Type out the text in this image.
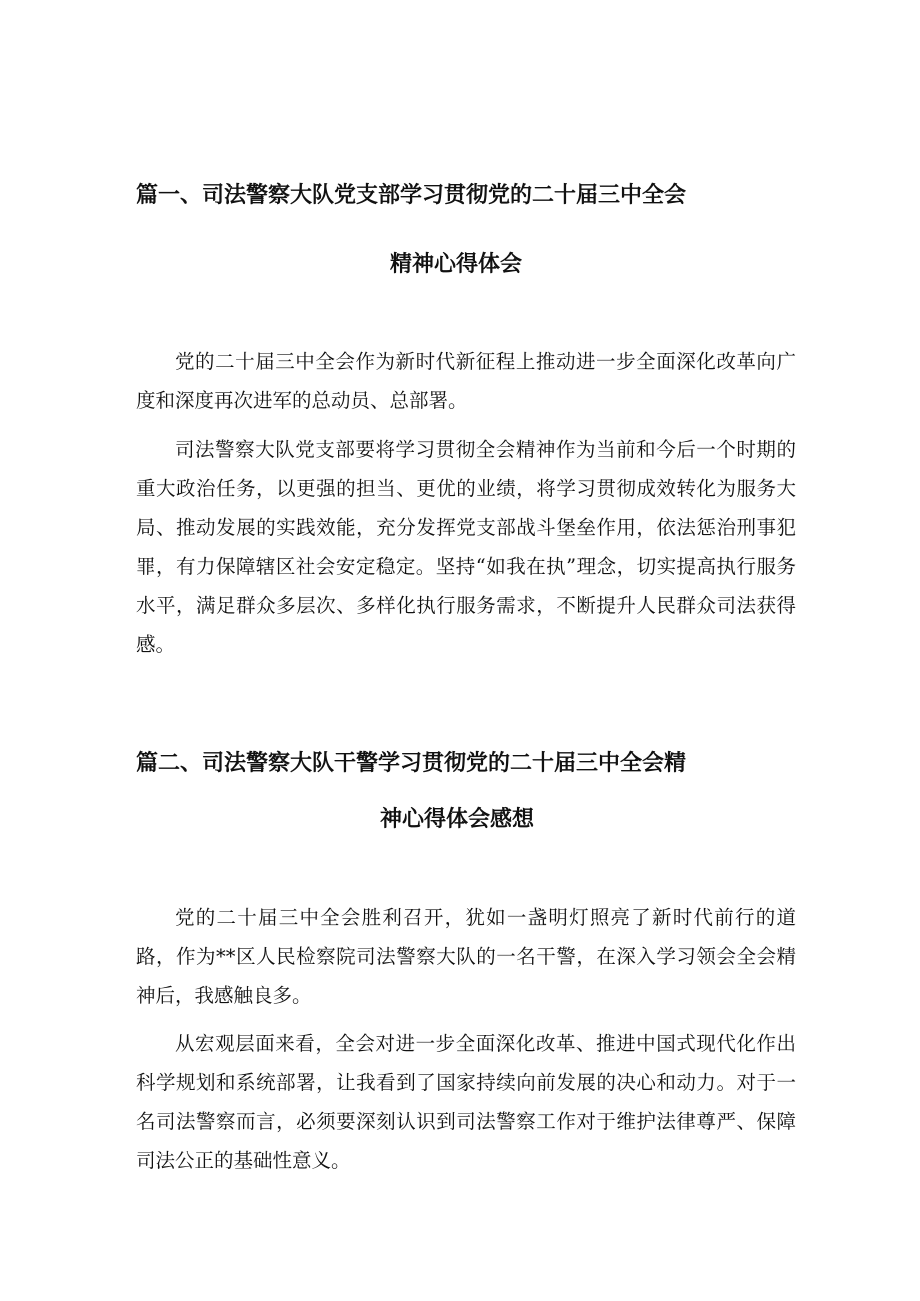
篇一、司法警察大队党支部学习贯彻党的二十届三中全会
精神心得体会

党的二十届三中全会作为新时代新征程上推动进一步全面深化改革向广度和深度再次进军的总动员、总部署。

司法警察大队党支部要将学习贯彻全会精神作为当前和今后一个时期的重大政治任务，以更强的担当、更优的业绩，将学习贯彻成效转化为服务大局、推动发展的实践效能，充分发挥党支部战斗堡垒作用，依法惩治刑事犯罪，有力保障辖区社会安定稳定。坚持“如我在执”理念，切实提高执行服务水平，满足群众多层次、多样化执行服务需求，不断提升人民群众司法获得感。

篇二、司法警察大队干警学习贯彻党的二十届三中全会精
神心得体会感想

党的二十届三中全会胜利召开，犹如一盏明灯照亮了新时代前行的道路，作为**区人民检察院司法警察大队的一名干警，在深入学习领会全会精神后，我感触良多。

从宏观层面来看，全会对进一步全面深化改革、推进中国式现代化作出科学规划和系统部署，让我看到了国家持续向前发展的决心和动力。对于一名司法警察而言，必须要深刻认识到司法警察工作对于维护法律尊严、保障司法公正的基础性意义。
